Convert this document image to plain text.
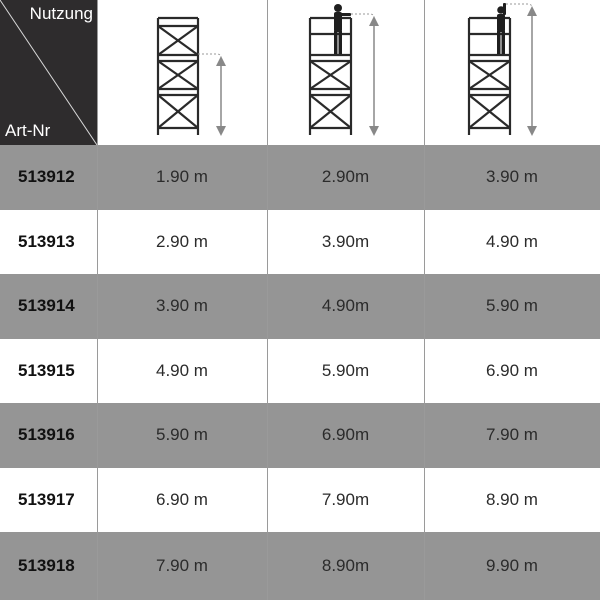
Nutzung
Art-Nr
513912	1.90 m	2.90m	3.90 m
513913	2.90 m	3.90m	4.90 m
513914	3.90 m	4.90m	5.90 m
513915	4.90 m	5.90m	6.90 m
513916	5.90 m	6.90m	7.90 m
513917	6.90 m	7.90m	8.90 m
513918	7.90 m	8.90m	9.90 m
